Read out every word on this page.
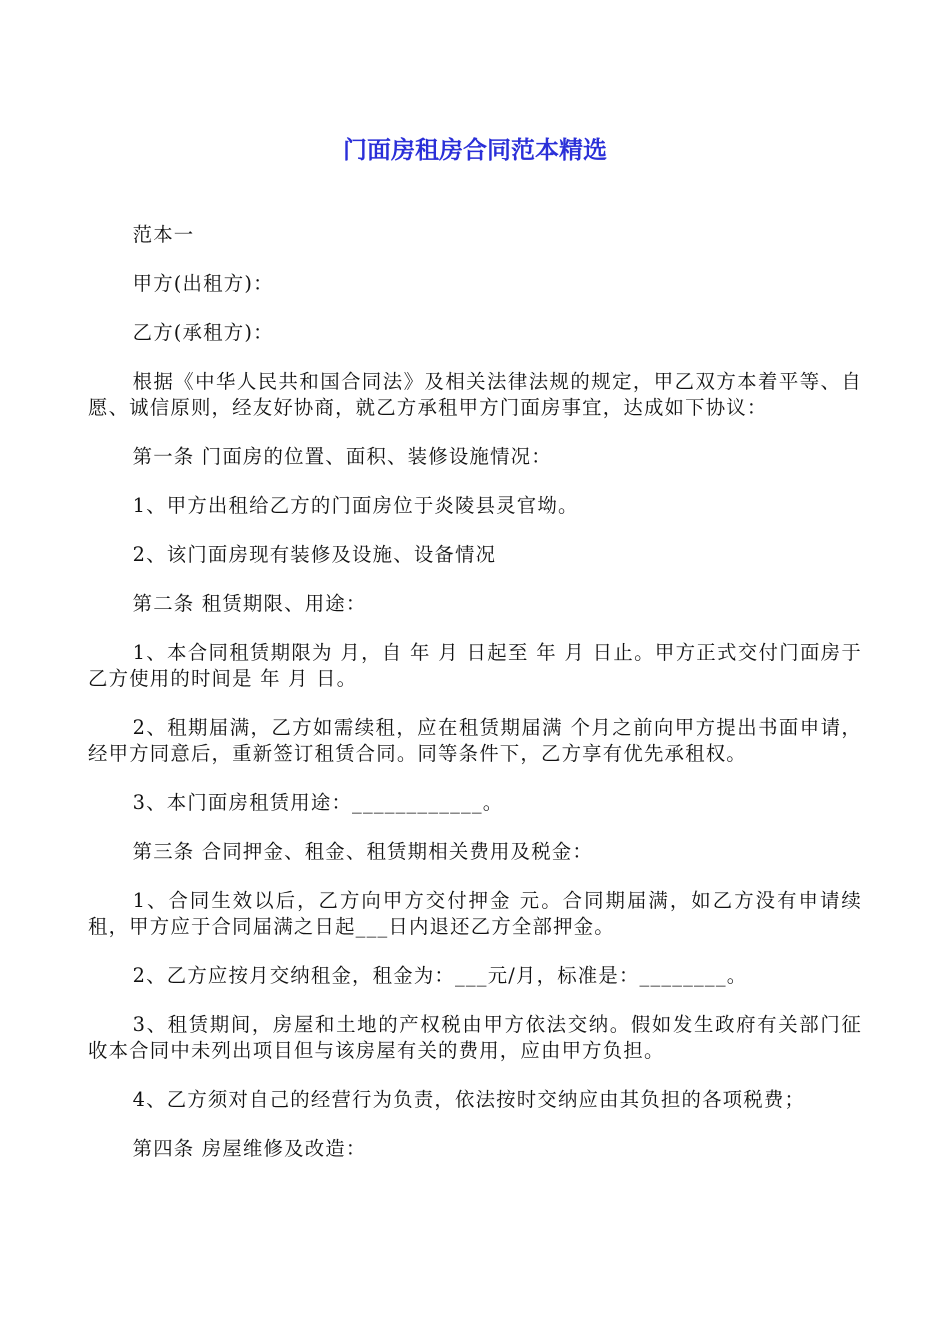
门面房租房合同范本精选

范本一

甲方(出租方)：

乙方(承租方)：

根据《中华人民共和国合同法》及相关法律法规的规定，甲乙双方本着平等、自愿、诚信原则，经友好协商，就乙方承租甲方门面房事宜，达成如下协议：

第一条 门面房的位置、面积、装修设施情况：

1、甲方出租给乙方的门面房位于炎陵县灵官坳。

2、该门面房现有装修及设施、设备情况

第二条 租赁期限、用途：

1、本合同租赁期限为 月，自 年 月 日起至 年 月 日止。甲方正式交付门面房于乙方使用的时间是 年 月 日。

2、租期届满，乙方如需续租，应在租赁期届满 个月之前向甲方提出书面申请，经甲方同意后，重新签订租赁合同。同等条件下，乙方享有优先承租权。

3、本门面房租赁用途：____________。

第三条 合同押金、租金、租赁期相关费用及税金：

1、合同生效以后，乙方向甲方交付押金 元。合同期届满，如乙方没有申请续租，甲方应于合同届满之日起___日内退还乙方全部押金。

2、乙方应按月交纳租金，租金为：___元/月，标准是：________。

3、租赁期间，房屋和土地的产权税由甲方依法交纳。假如发生政府有关部门征收本合同中未列出项目但与该房屋有关的费用，应由甲方负担。

4、乙方须对自己的经营行为负责，依法按时交纳应由其负担的各项税费；

第四条 房屋维修及改造：
